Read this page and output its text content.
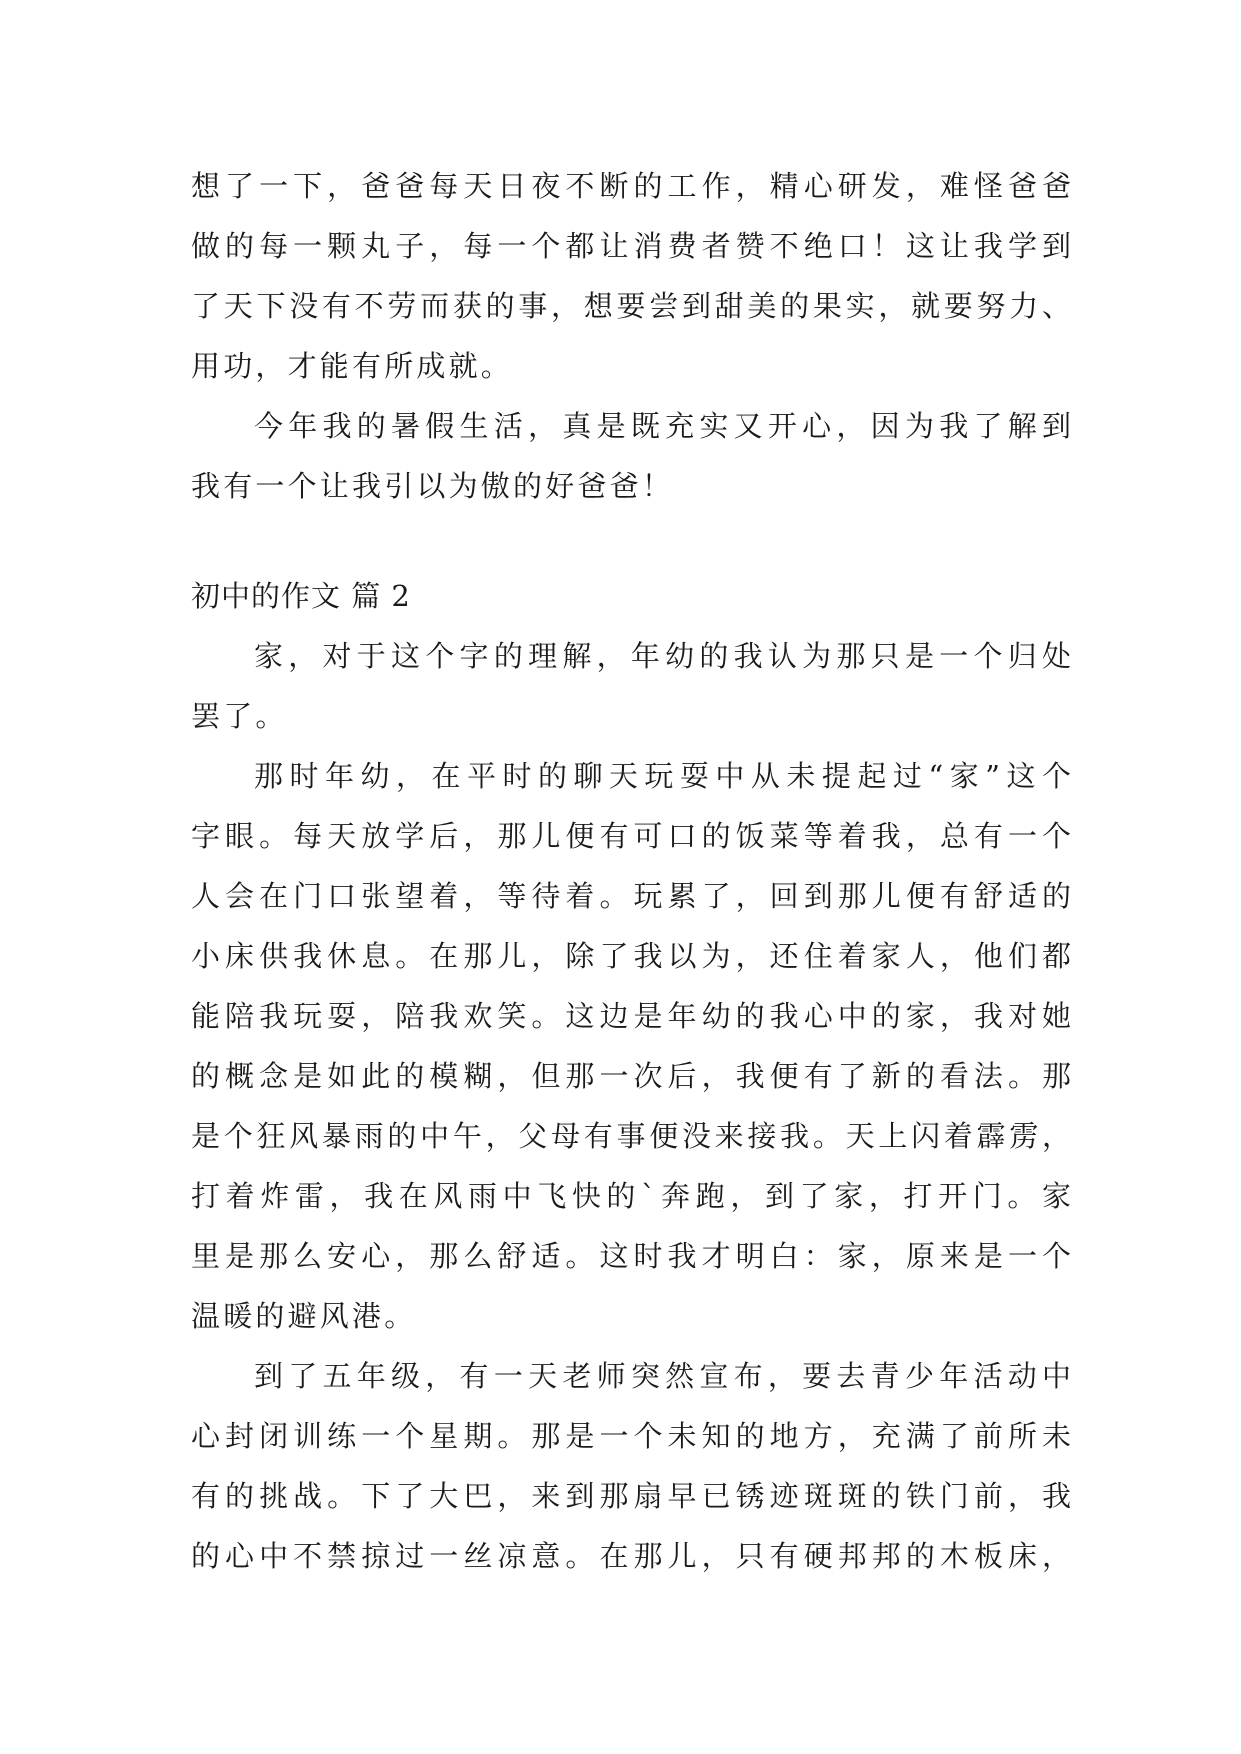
想了一下，爸爸每天日夜不断的工作，精心研发，难怪爸爸
做的每一颗丸子，每一个都让消费者赞不绝口！这让我学到
了天下没有不劳而获的事，想要尝到甜美的果实，就要努力、
用功，才能有所成就。
今年我的暑假生活，真是既充实又开心，因为我了解到
我有一个让我引以为傲的好爸爸！
初中的作文 篇 2
家，对于这个字的理解，年幼的我认为那只是一个归处
罢了。
那时年幼，在平时的聊天玩耍中从未提起过“家”这个
字眼。每天放学后，那儿便有可口的饭菜等着我，总有一个
人会在门口张望着，等待着。玩累了，回到那儿便有舒适的
小床供我休息。在那儿，除了我以为，还住着家人，他们都
能陪我玩耍，陪我欢笑。这边是年幼的我心中的家，我对她
的概念是如此的模糊，但那一次后，我便有了新的看法。那
是个狂风暴雨的中午，父母有事便没来接我。天上闪着霹雳，
打着炸雷，我在风雨中飞快的`奔跑，到了家，打开门。家
里是那么安心，那么舒适。这时我才明白：家，原来是一个
温暖的避风港。
到了五年级，有一天老师突然宣布，要去青少年活动中
心封闭训练一个星期。那是一个未知的地方，充满了前所未
有的挑战。下了大巴，来到那扇早已锈迹斑斑的铁门前，我
的心中不禁掠过一丝凉意。在那儿，只有硬邦邦的木板床，
